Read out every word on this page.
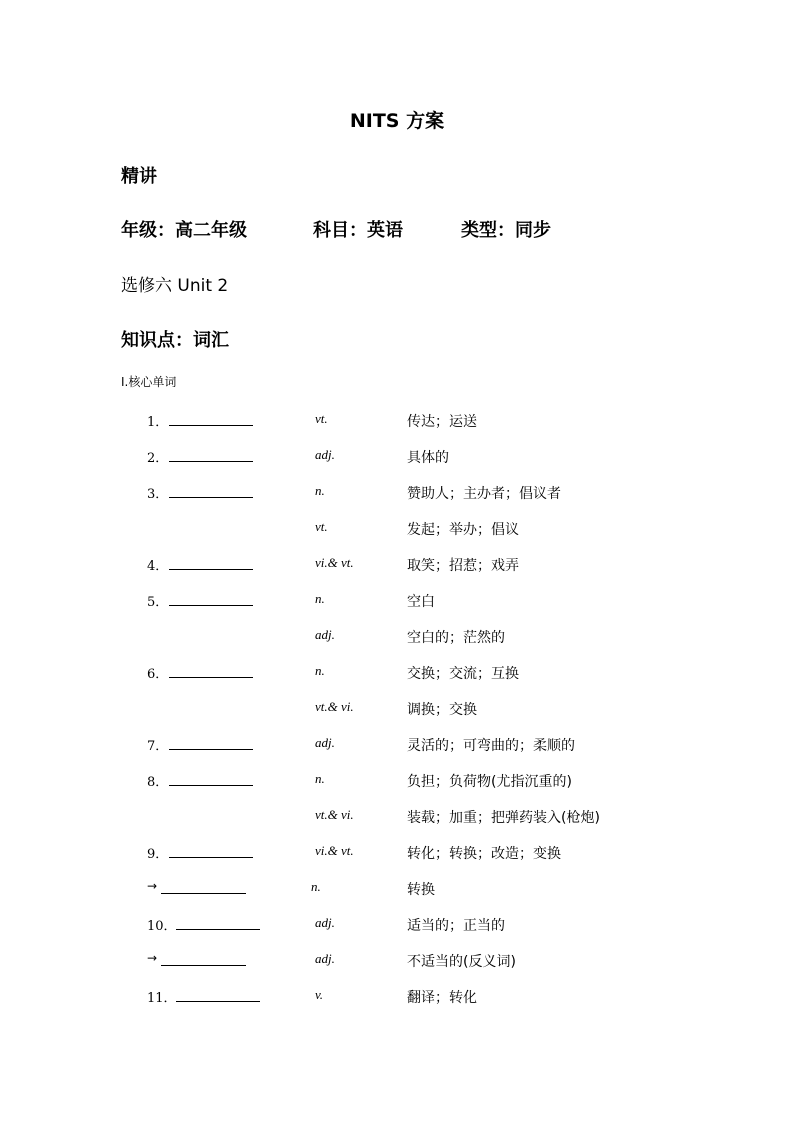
NITS 方案
精讲
年级：高二年级	科目：英语	类型：同步
选修六 Unit 2
知识点：词汇
Ⅰ.核心单词
1．	vt.	传达；运送
2．	adj.	具体的
3．	n.	赞助人；主办者；倡议者
vt.	发起；举办；倡议
4．	vi.& vt.	取笑；招惹；戏弄
5．	n.	空白
adj.	空白的；茫然的
6．	n.	交换；交流；互换
vt.& vi.	调换；交换
7．	adj.	灵活的；可弯曲的；柔顺的
8．	n.	负担；负荷物(尤指沉重的)
vt.& vi.	装载；加重；把弹药装入(枪炮)
9．	vi.& vt.	转化；转换；改造；变换
→	n.	转换
10．	adj.	适当的；正当的
→	adj.	不适当的(反义词)
11．	v.	翻译；转化
